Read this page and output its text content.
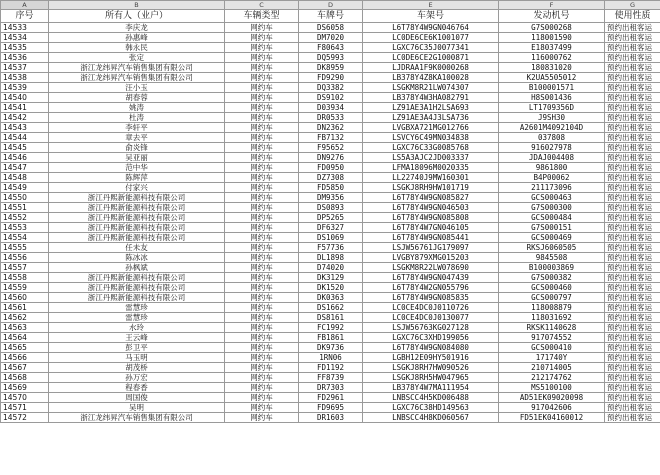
A	B	C	D	E	F	G
序号	所有人（业户）	车辆类型	车牌号	车架号	发动机号	使用性质
14533	李庆龙	网约车	DS6058	L6T78Y4W9GN046764	G7S000268	预约出租客运
14534	孙惠峰	网约车	DM7020	LC0DE6CE6K1001077	118001590	预约出租客运
14535	韩永民	网约车	F80643	LGXC76C35J0077341	E18037499	预约出租客运
14536	张定	网约车	DQ5993	LC0DE6CE2G1000871	116000762	预约出租客运
14537	浙江龙纬昇汽车销售集团有限公司	网约车	DK8959	LJDRAA1F9K0000268	180831020	预约出租客运
14538	浙江龙纬昇汽车销售集团有限公司	网约车	FD9290	LB378Y4Z8KA100028	K2UA5505012	预约出租客运
14539	汪小玉	网约车	DQ3382	LSGKM8R21LW074307	B100001571	预约出租客运
14540	胡春蓉	网约车	DS9102	LB378Y4W3HA082791	H8S001436	预约出租客运
14541	姚涛	网约车	D03934	LZ91AE3A1H2LSA693	LT1709356D	预约出租客运
14542	杜涛	网约车	DR0533	LZ91AE3A4J3LSA736	J9SH30	预约出租客运
14543	李轩平	网约车	DN2362	LVGBXA721MG012766	A2601M4092104D	预约出租客运
14544	章去平	网约车	FB7132	LSVCY6C49MN034838	037808	预约出租客运
14545	俞炎锋	网约车	F95652	LGXC76C33G0085768	916027978	预约出租客运
14546	吴亚丽	网约车	DN9276	LS5A3AJC2JD003337	JDAJ004408	预约出租客运
14547	范中华	网约车	FD0950	LFMA18096M0020335	9861800	预约出租客运
14548	陈辉萍	网约车	DZ7308	LL22740J9MW160301	B4P00062	预约出租客运
14549	付家兴	网约车	FD5850	LSGKJ8RH9HW101719	211173096	预约出租客运
14550	浙江丹熙新能源科技有限公司	网约车	DM9356	L6T78Y4W9GN085827	GCS000463	预约出租客运
14551	浙江丹熙新能源科技有限公司	网约车	DS0893	L6T78Y4W9GN046503	G7S000300	预约出租客运
14552	浙江丹熙新能源科技有限公司	网约车	DP5265	L6T78Y4W9GN085808	GCS000484	预约出租客运
14553	浙江丹熙新能源科技有限公司	网约车	DF6327	L6T78Y4W7GN046105	G7S000151	预约出租客运
14554	浙江丹熙新能源科技有限公司	网约车	DS1069	L6T78Y4W9GN085441	GCS000469	预约出租客运
14555	任未友	网约车	F57736	LSJW56761JG179097	RKSJ6060505	预约出租客运
14556	陈冰冰	网约车	DL1898	LVGBY879XMG015203	9845508	预约出租客运
14557	孙枫斌	网约车	D74020	LSGKM8R22LW078690	B100003869	预约出租客运
14558	浙江丹熙新能源科技有限公司	网约车	DK3129	L6T78Y4W9GN047439	G7S000382	预约出租客运
14559	浙江丹熙新能源科技有限公司	网约车	DK1520	L6T78Y4W2GN055796	GCS000460	预约出租客运
14560	浙江丹熙新能源科技有限公司	网约车	DK0363	L6T78Y4W9GN085835	GCS000797	预约出租客运
14561	雷慧珍	网约车	DS1662	LC0CE4DC0J0110726	118008879	预约出租客运
14562	雷慧珍	网约车	DS8161	LC0CE4DC0J0130077	118031692	预约出租客运
14563	水玲	网约车	FC1992	LSJW56763KG027128	RKSK1140628	预约出租客运
14564	王云峰	网约车	FB1861	LGXC76C3XHD199056	917074552	预约出租客运
14565	彭卫平	网约车	DK9736	L6T78Y4W9GN084080	GCS000410	预约出租客运
14566	马玉明	网约车	1RN06	LGBH12E09HY501916	171740Y	预约出租客运
14567	胡茂桥	网约车	FD1192	LSGKJ8RH7HW090526	210714005	预约出租客运
14568	孙万宏	网约车	FF8739	LSGKJ8RH5HW047965	212174762	预约出租客运
14569	程春香	网约车	DR7303	LB378Y4W7MA111954	MS5100100	预约出租客运
14570	周国俊	网约车	FD2961	LNBSCC4H5KD006488	AD51EK09020098	预约出租客运
14571	吴明	网约车	FD9695	LGXC76C38HD149563	917042606	预约出租客运
14572	浙江龙纬昇汽车销售集团有限公司	网约车	DR1603	LNBSCC4H8KD060567	FD51EK04160012	预约出租客运
